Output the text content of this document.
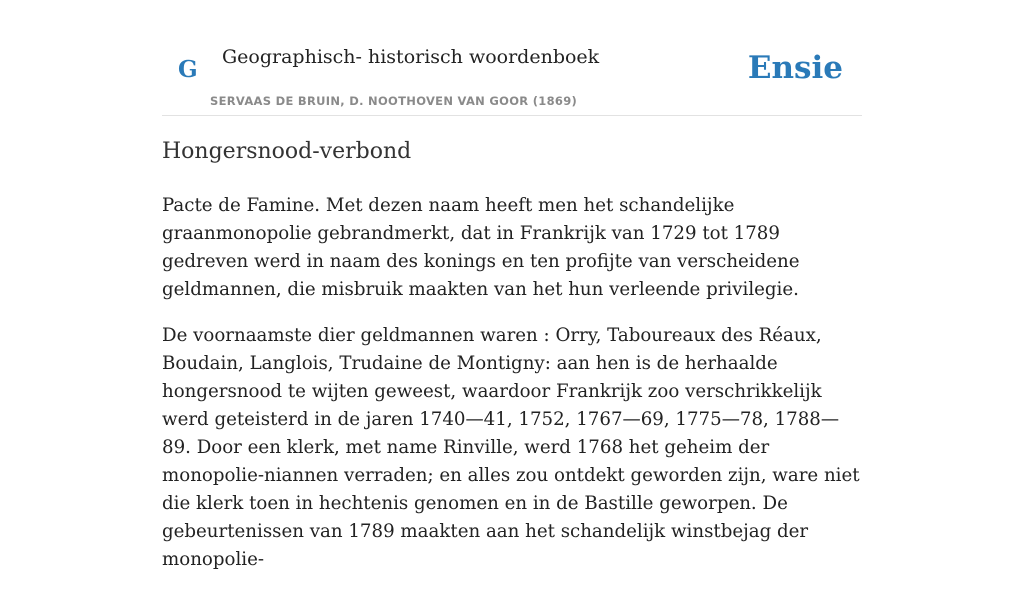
G Geographisch- historisch woordenboek
SERVAAS DE BRUIN, D. NOOTHOVEN VAN GOOR (1869)
Ensie
Hongersnood-verbond

Pacte de Famine. Met dezen naam heeft men het schandelijke graanmonopolie gebrandmerkt, dat in Frankrijk van 1729 tot 1789 gedreven werd in naam des konings en ten profijte van verscheidene geldmannen, die misbruik maakten van het hun verleende privilegie.

De voornaamste dier geldmannen waren : Orry, Taboureaux des Réaux, Boudain, Langlois, Trudaine de Montigny: aan hen is de herhaalde hongersnood te wijten geweest, waardoor Frankrijk zoo verschrikkelijk werd geteisterd in de jaren 1740—41, 1752, 1767—69, 1775—78, 1788—89. Door een klerk, met name Rinville, werd 1768 het geheim der monopolie-niannen verraden; en alles zou ontdekt geworden zijn, ware niet die klerk toen in hechtenis genomen en in de Bastille geworpen. De gebeurtenissen van 1789 maakten aan het schandelijk winstbejag der monopolie-
